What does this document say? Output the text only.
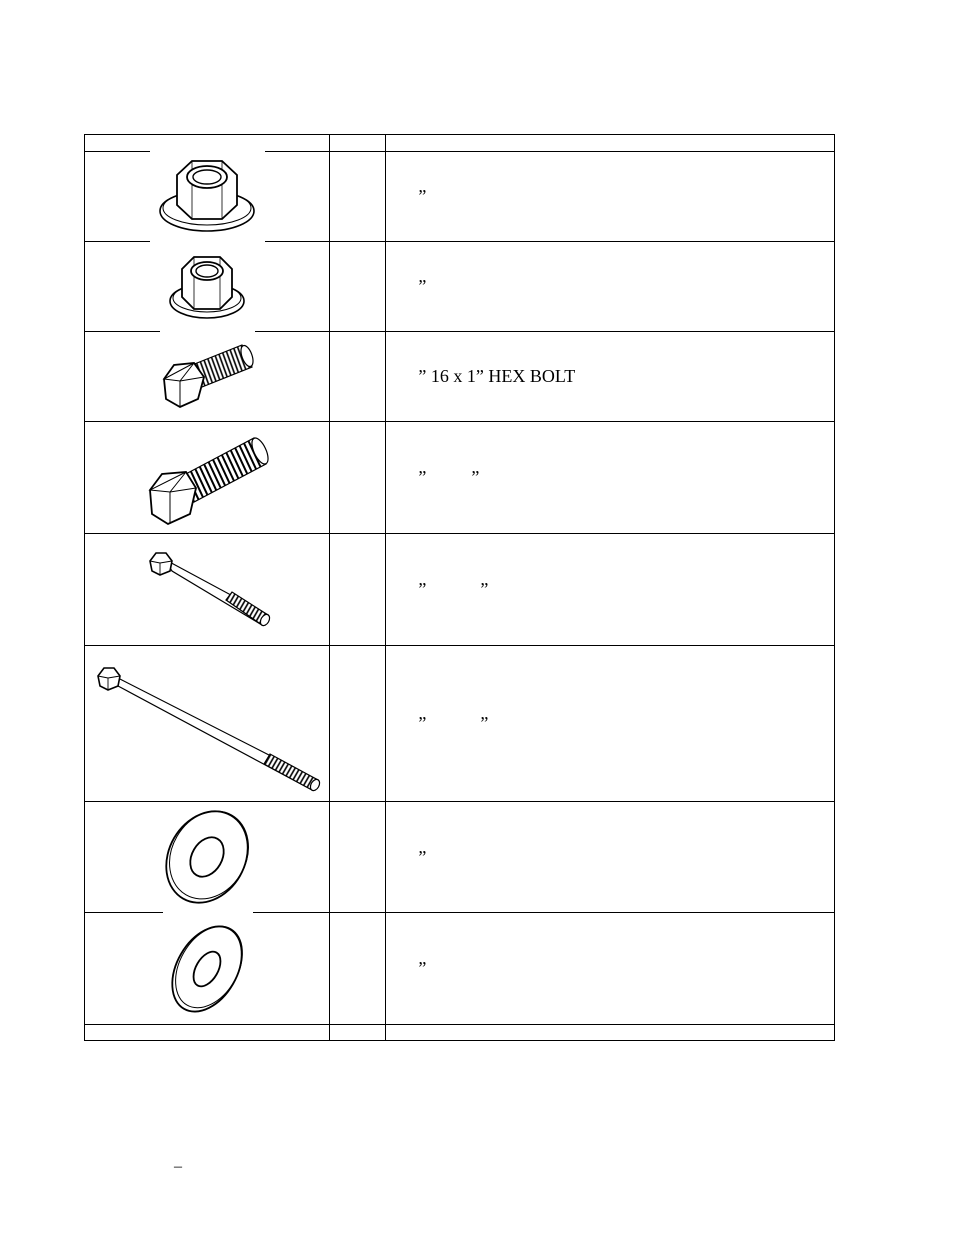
		”

		”

		” 16 x 1” HEX BOLT

		”          ”

		”            ”

		”            ”

		”

		”

–
